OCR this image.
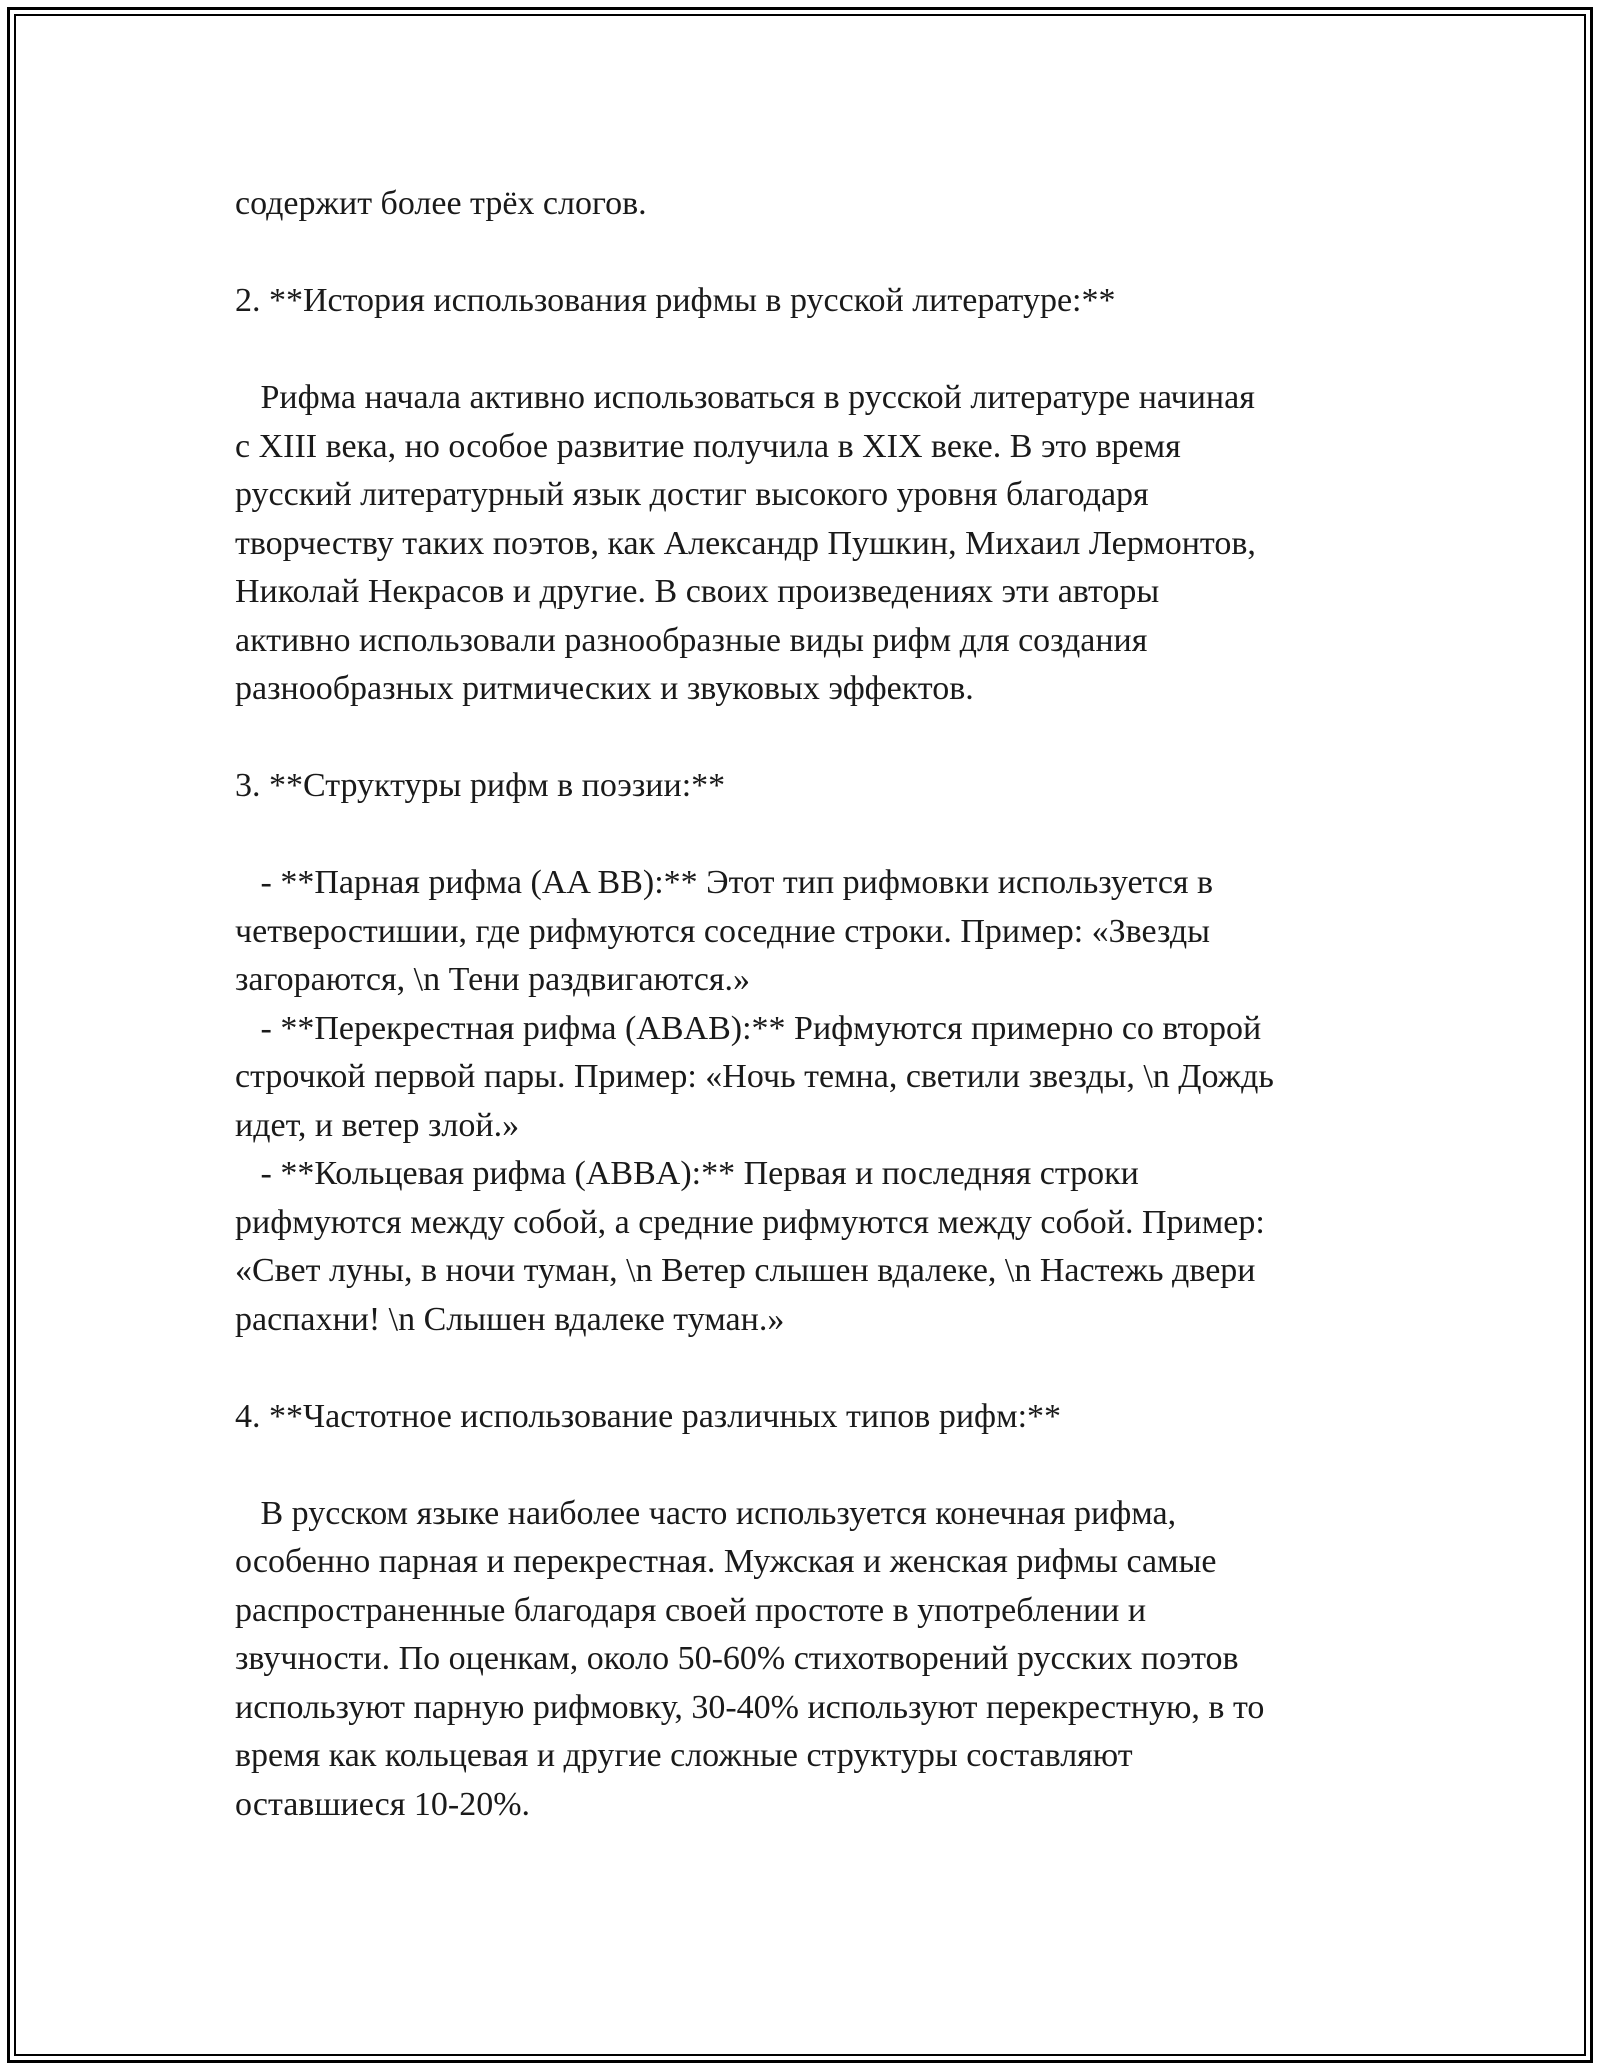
содержит более трёх слогов.
2. **История использования рифмы в русской литературе:**
Рифма начала активно использоваться в русской литературе начиная
с XIII века, но особое развитие получила в XIX веке. В это время
русский литературный язык достиг высокого уровня благодаря
творчеству таких поэтов, как Александр Пушкин, Михаил Лермонтов,
Николай Некрасов и другие. В своих произведениях эти авторы
активно использовали разнообразные виды рифм для создания
разнообразных ритмических и звуковых эффектов.
3. **Структуры рифм в поэзии:**
- **Парная рифма (AA BB):** Этот тип рифмовки используется в
четверостишии, где рифмуются соседние строки. Пример: «Звезды
загораются, \n Тени раздвигаются.»
- **Перекрестная рифма (ABAB):** Рифмуются примерно со второй
строчкой первой пары. Пример: «Ночь темна, светили звезды, \n Дождь
идет, и ветер злой.»
- **Кольцевая рифма (ABBA):** Первая и последняя строки
рифмуются между собой, а средние рифмуются между собой. Пример:
«Свет луны, в ночи туман, \n Ветер слышен вдалеке, \n Настежь двери
распахни! \n Слышен вдалеке туман.»
4. **Частотное использование различных типов рифм:**
В русском языке наиболее часто используется конечная рифма,
особенно парная и перекрестная. Мужская и женская рифмы самые
распространенные благодаря своей простоте в употреблении и
звучности. По оценкам, около 50-60% стихотворений русских поэтов
используют парную рифмовку, 30-40% используют перекрестную, в то
время как кольцевая и другие сложные структуры составляют
оставшиеся 10-20%.
